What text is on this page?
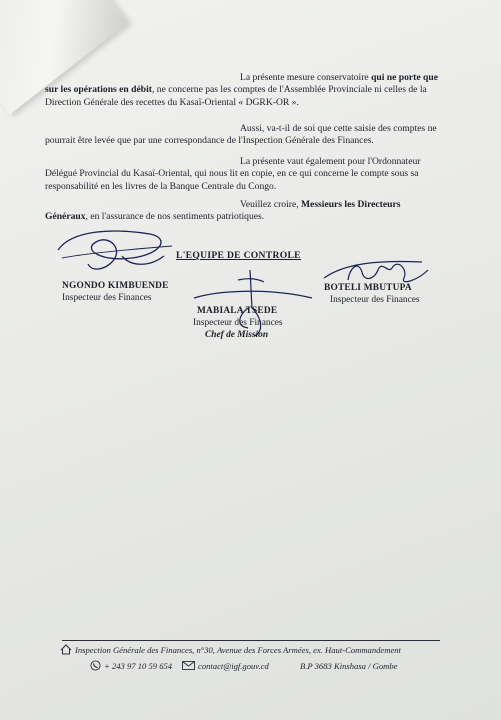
La présente mesure conservatoire qui ne porte que sur les opérations en débit, ne concerne pas les comptes de l'Assemblée Provinciale ni celles de la Direction Générale des recettes du Kasaï-Oriental « DGRK-OR ».

Aussi, va-t-il de soi que cette saisie des comptes ne pourrait être levée que par une correspondance de l'Inspection Générale des Finances.

La présente vaut également pour l'Ordonnateur Délégué Provincial du Kasaï-Oriental, qui nous lit en copie, en ce qui concerne le compte sous sa responsabilité en les livres de la Banque Centrale du Congo.

Veuillez croire, Messieurs les Directeurs Généraux, en l'assurance de nos sentiments patriotiques.

L'EQUIPE DE CONTROLE
NGONDO KIMBUENDE
Inspecteur des Finances
MABIALA TSEDE
Inspecteur des Finances
Chef de Mission
BOTELI MBUTUPA
Inspecteur des Finances
Inspection Générale des Finances, n°30, Avenue des Forces Armées, ex. Haut-Commandement
+ 243 97 10 59 654	contact@igf.gouv.cd	B.P 3683 Kinshasa / Gombe
